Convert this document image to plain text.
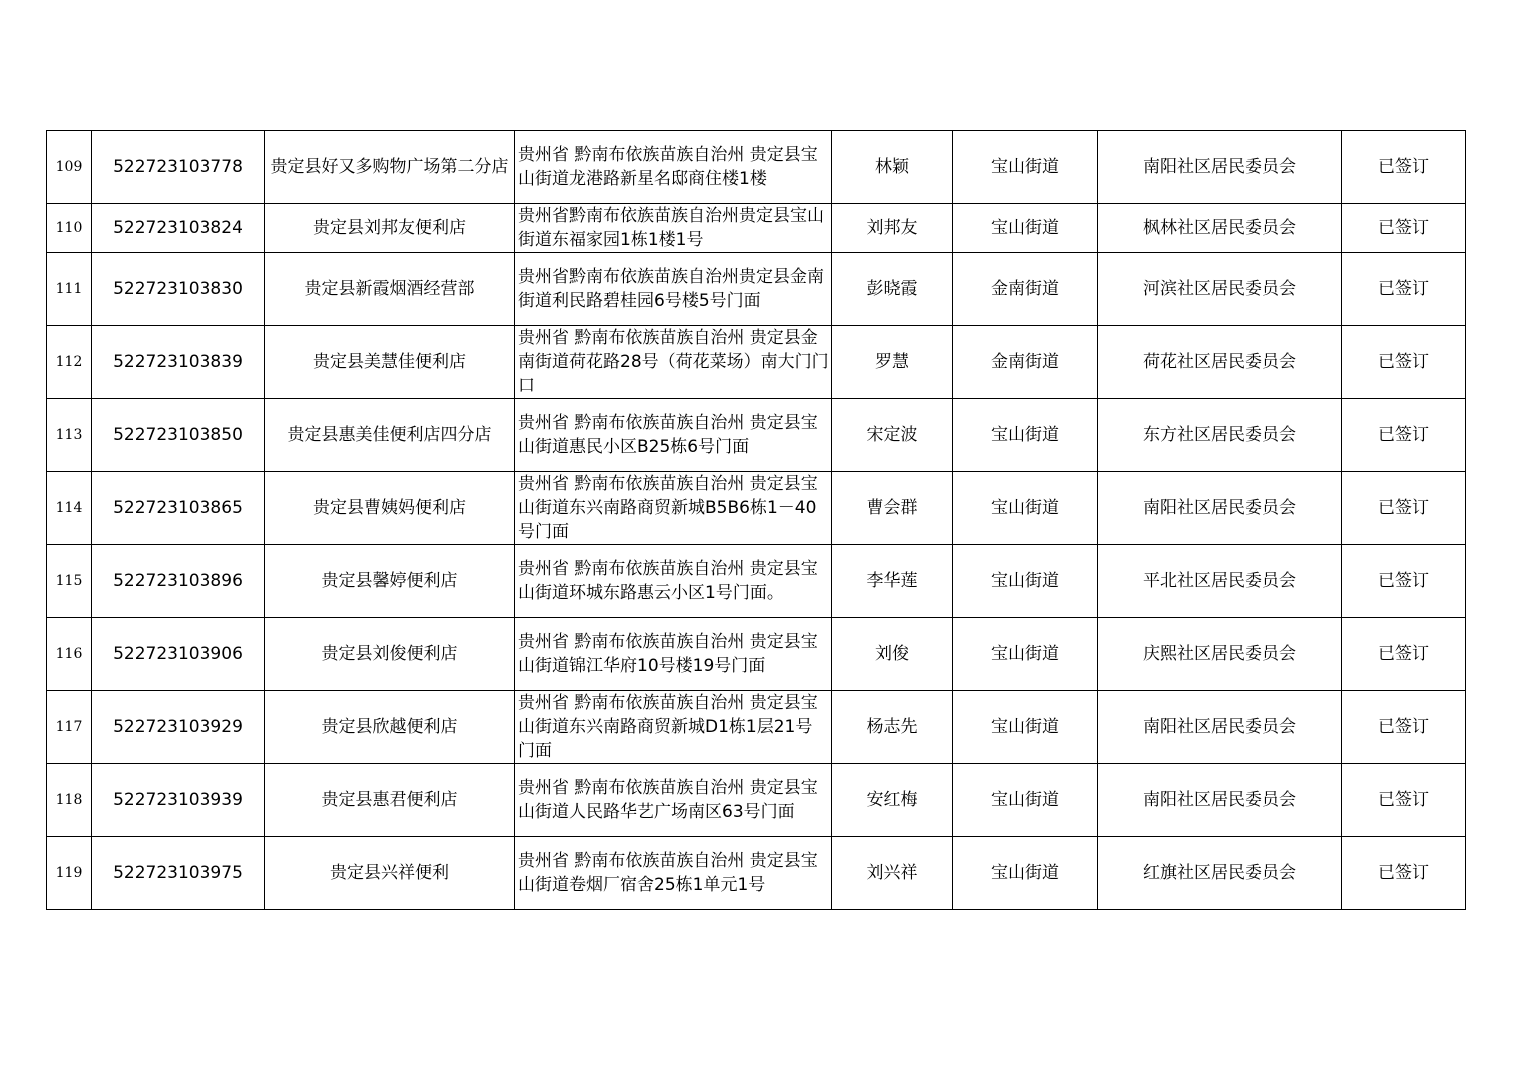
109	522723103778	贵定县好又多购物广场第二分店	贵州省 黔南布依族苗族自治州 贵定县宝山街道龙港路新星名邸商住楼1楼	林颖	宝山街道	南阳社区居民委员会	已签订
110	522723103824	贵定县刘邦友便利店	贵州省黔南布依族苗族自治州贵定县宝山街道东福家园1栋1楼1号	刘邦友	宝山街道	枫林社区居民委员会	已签订
111	522723103830	贵定县新霞烟酒经营部	贵州省黔南布依族苗族自治州贵定县金南街道利民路碧桂园6号楼5号门面	彭晓霞	金南街道	河滨社区居民委员会	已签订
112	522723103839	贵定县美慧佳便利店	贵州省 黔南布依族苗族自治州 贵定县金南街道荷花路28号（荷花菜场）南大门门口	罗慧	金南街道	荷花社区居民委员会	已签订
113	522723103850	贵定县惠美佳便利店四分店	贵州省 黔南布依族苗族自治州 贵定县宝山街道惠民小区B25栋6号门面	宋定波	宝山街道	东方社区居民委员会	已签订
114	522723103865	贵定县曹姨妈便利店	贵州省 黔南布依族苗族自治州 贵定县宝山街道东兴南路商贸新城B5B6栋1－40号门面	曹会群	宝山街道	南阳社区居民委员会	已签订
115	522723103896	贵定县馨婷便利店	贵州省 黔南布依族苗族自治州 贵定县宝山街道环城东路惠云小区1号门面。	李华莲	宝山街道	平北社区居民委员会	已签订
116	522723103906	贵定县刘俊便利店	贵州省 黔南布依族苗族自治州 贵定县宝山街道锦江华府10号楼19号门面	刘俊	宝山街道	庆熙社区居民委员会	已签订
117	522723103929	贵定县欣越便利店	贵州省 黔南布依族苗族自治州 贵定县宝山街道东兴南路商贸新城D1栋1层21号门面	杨志先	宝山街道	南阳社区居民委员会	已签订
118	522723103939	贵定县惠君便利店	贵州省 黔南布依族苗族自治州 贵定县宝山街道人民路华艺广场南区63号门面	安红梅	宝山街道	南阳社区居民委员会	已签订
119	522723103975	贵定县兴祥便利	贵州省 黔南布依族苗族自治州 贵定县宝山街道卷烟厂宿舍25栋1单元1号	刘兴祥	宝山街道	红旗社区居民委员会	已签订
